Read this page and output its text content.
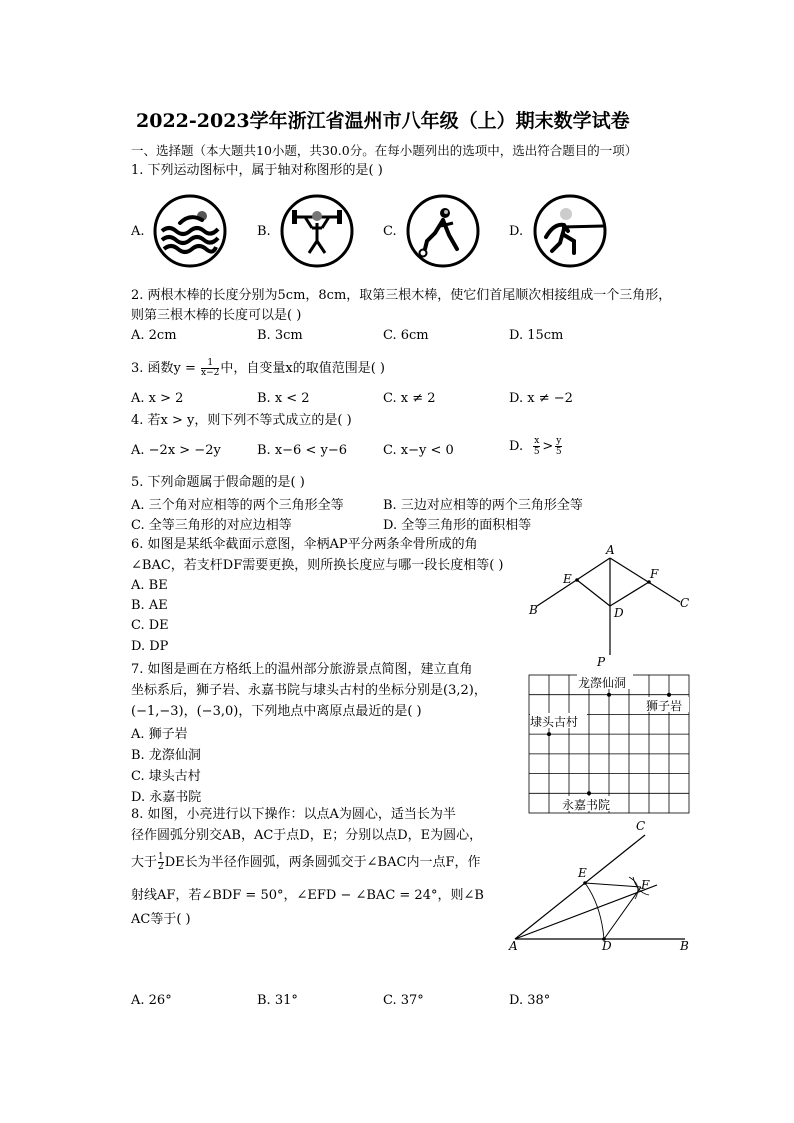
2022-2023学年浙江省温州市八年级（上）期末数学试卷
一、选择题（本大题共10小题，共30.0分。在每小题列出的选项中，选出符合题目的一项）
1. 下列运动图标中，属于轴对称图形的是( )
A.	B.	C.	D.
2. 两根木棒的长度分别为5cm，8cm，取第三根木棒，使它们首尾顺次相接组成一个三角形，
则第三根木棒的长度可以是( )
A. 2cm	B. 3cm	C. 6cm	D. 15cm
3. 函数$y = \frac{1}{x-2}$ 中，自变量x的取值范围是( )
A. x > 2	B. x < 2	C. x ≠ 2	D. x ≠ −2
4. 若x > y，则下列不等式成立的是( )
A. −2x > −2y	B. x−6 < y−6	C. x−y < 0	D. $\frac{x}{5} > \frac{y}{5}$
5. 下列命题属于假命题的是( )
A. 三个角对应相等的两个三角形全等	B. 三边对应相等的两个三角形全等
C. 全等三角形的对应边相等	D. 全等三角形的面积相等
6. 如图是某纸伞截面示意图，伞柄AP平分两条伞骨所成的角
∠BAC，若支杆DF需要更换，则所换长度应与哪一段长度相等( )
A. BE
B. AE
C. DE
D. DP
A
B	C
D
E	F
P
7. 如图是画在方格纸上的温州部分旅游景点简图，建立直角
坐标系后，狮子岩、永嘉书院与埭头古村的坐标分别是(3,2)，
(−1,−3)，(−3,0)，下列地点中离原点最近的是( )
A. 狮子岩
B. 龙漈仙洞
C. 埭头古村
D. 永嘉书院
龙漈仙洞
狮子岩
埭头古村
永嘉书院
8. 如图，小亮进行以下操作：以点A为圆心，适当长为半
径作圆弧分别交AB，AC于点D，E；分别以点D，E为圆心，
大于 $\frac{1}{2}$ DE长为半径作圆弧，两条圆弧交于∠BAC内一点F，作
射线AF，若∠BDF = 50°，∠EFD − ∠BAC = 24°，则∠B
AC等于( )
A. 26°	B. 31°	C. 37°	D. 38°
A	B
C
D
E
F
